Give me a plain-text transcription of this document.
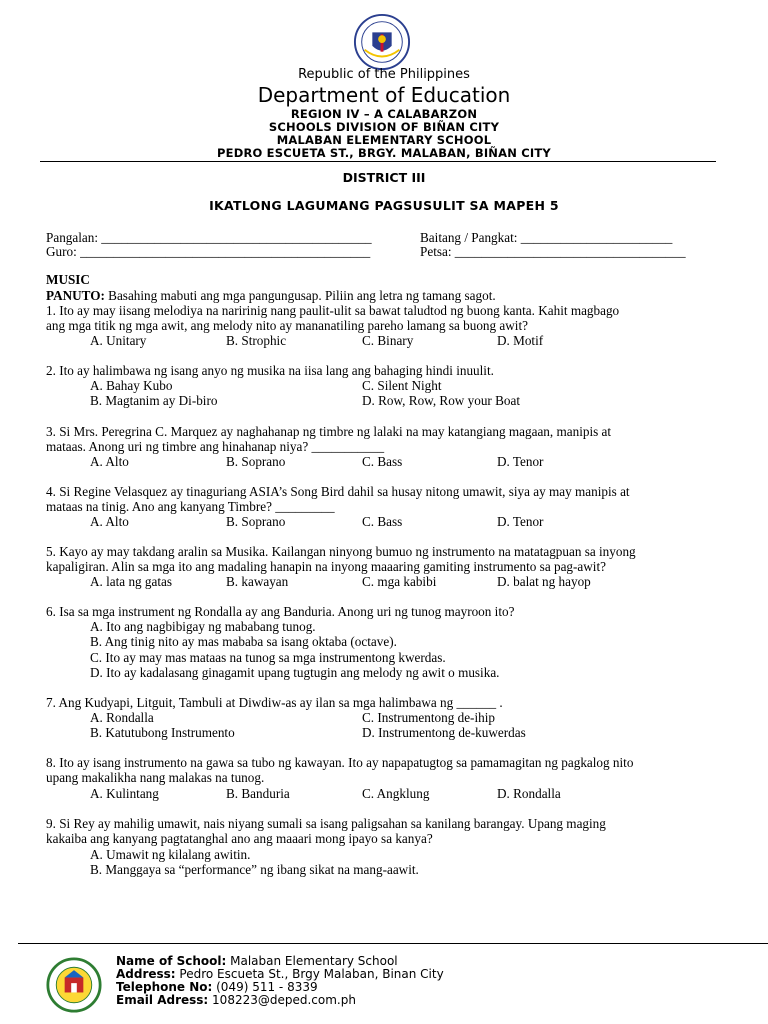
Republic of the Philippines
Department of Education
REGION IV – A CALABARZON
SCHOOLS DIVISION OF BIÑAN CITY
MALABAN ELEMENTARY SCHOOL
PEDRO ESCUETA ST., BRGY. MALABAN, BIÑAN CITY
DISTRICT III
IKATLONG LAGUMANG PAGSUSULIT SA MAPEH 5
Pangalan: _________________________________________	Baitang / Pangkat: _______________________
Guro: ____________________________________________	Petsa: ___________________________________
MUSIC
PANUTO: Basahing mabuti ang mga pangungusap. Piliin ang letra ng tamang sagot.
1. Ito ay may iisang melodiya na naririnig nang paulit-ulit sa bawat taludtod ng buong kanta. Kahit magbago
ang mga titik ng mga awit, ang melody nito ay mananatiling pareho lamang sa buong awit?
A. Unitary	B. Strophic	C. Binary	D. Motif
2. Ito ay halimbawa ng isang anyo ng musika na iisa lang ang bahaging hindi inuulit.
A. Bahay Kubo	C. Silent Night
B. Magtanim ay Di-biro	D. Row, Row, Row your Boat
3. Si Mrs. Peregrina C. Marquez ay naghahanap ng timbre ng lalaki na may katangiang magaan, manipis at
mataas. Anong uri ng timbre ang hinahanap niya? ___________
A. Alto	B. Soprano	C. Bass	D. Tenor
4. Si Regine Velasquez ay tinaguriang ASIA’s Song Bird dahil sa husay nitong umawit, siya ay may manipis at
mataas na tinig. Ano ang kanyang Timbre? _________
A. Alto	B. Soprano	C. Bass	D. Tenor
5. Kayo ay may takdang aralin sa Musika. Kailangan ninyong bumuo ng instrumento na matatagpuan sa inyong
kapaligiran. Alin sa mga ito ang madaling hanapin na inyong maaaring gamiting instrumento sa pag-awit?
A. lata ng gatas	B. kawayan	C. mga kabibi	D. balat ng hayop
6. Isa sa mga instrument ng Rondalla ay ang Banduria. Anong uri ng tunog mayroon ito?
A. Ito ang nagbibigay ng mababang tunog.
B. Ang tinig nito ay mas mababa sa isang oktaba (octave).
C. Ito ay may mas mataas na tunog sa mga instrumentong kwerdas.
D. Ito ay kadalasang ginagamit upang tugtugin ang melody ng awit o musika.
7. Ang Kudyapi, Litguit, Tambuli at Diwdiw-as ay ilan sa mga halimbawa ng ______ .
A. Rondalla	C. Instrumentong de-ihip
B. Katutubong Instrumento	D. Instrumentong de-kuwerdas
8. Ito ay isang instrumento na gawa sa tubo ng kawayan. Ito ay napapatugtog sa pamamagitan ng pagkalog nito
upang makalikha nang malakas na tunog.
A. Kulintang	B. Banduria	C. Angklung	D. Rondalla
9. Si Rey ay mahilig umawit, nais niyang sumali sa isang paligsahan sa kanilang barangay. Upang maging
kakaiba ang kanyang pagtatanghal ano ang maaari mong ipayo sa kanya?
A. Umawit ng kilalang awitin.
B. Manggaya sa “performance” ng ibang sikat na mang-aawit.
Name of School: Malaban Elementary School
Address: Pedro Escueta St., Brgy Malaban, Binan City
Telephone No: (049) 511 - 8339
Email Adress: 108223@deped.com.ph
